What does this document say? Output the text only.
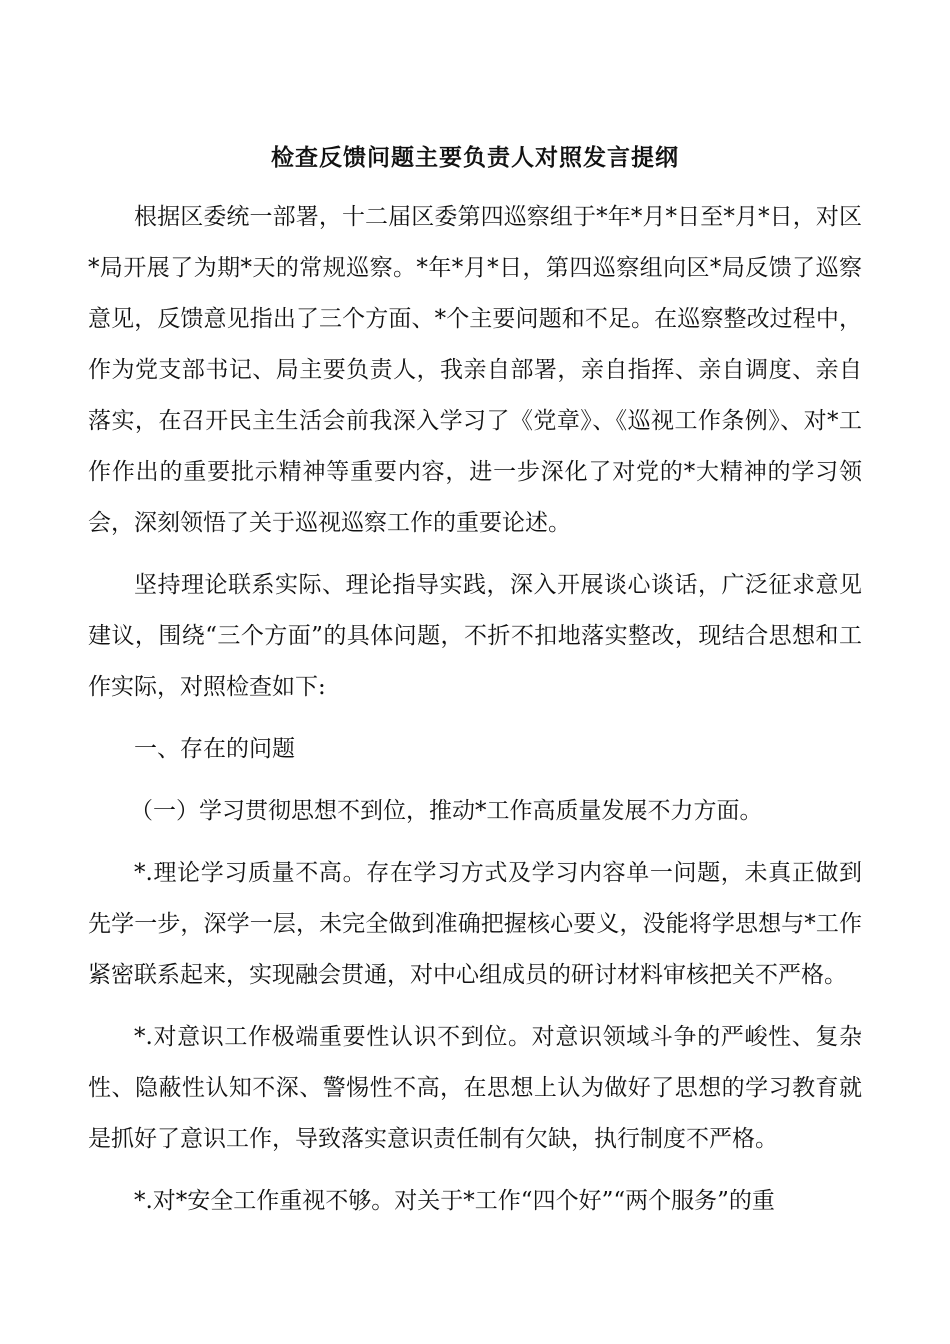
检查反馈问题主要负责人对照发言提纲

根据区委统一部署，十二届区委第四巡察组于*年*月*日至*月*日，对区*局开展了为期*天的常规巡察。*年*月*日，第四巡察组向区*局反馈了巡察意见，反馈意见指出了三个方面、*个主要问题和不足。在巡察整改过程中，作为党支部书记、局主要负责人，我亲自部署，亲自指挥、亲自调度、亲自落实，在召开民主生活会前我深入学习了《党章》、《巡视工作条例》、对*工作作出的重要批示精神等重要内容，进一步深化了对党的*大精神的学习领会，深刻领悟了关于巡视巡察工作的重要论述。

坚持理论联系实际、理论指导实践，深入开展谈心谈话，广泛征求意见建议，围绕“三个方面”的具体问题，不折不扣地落实整改，现结合思想和工作实际，对照检查如下:

一、存在的问题

（一）学习贯彻思想不到位，推动*工作高质量发展不力方面。

*.理论学习质量不高。存在学习方式及学习内容单一问题，未真正做到先学一步，深学一层，未完全做到准确把握核心要义，没能将学思想与*工作紧密联系起来，实现融会贯通，对中心组成员的研讨材料审核把关不严格。

*.对意识工作极端重要性认识不到位。对意识领域斗争的严峻性、复杂性、隐蔽性认知不深、警惕性不高，在思想上认为做好了思想的学习教育就是抓好了意识工作，导致落实意识责任制有欠缺，执行制度不严格。

*.对*安全工作重视不够。对关于*工作“四个好”“两个服务”的重
